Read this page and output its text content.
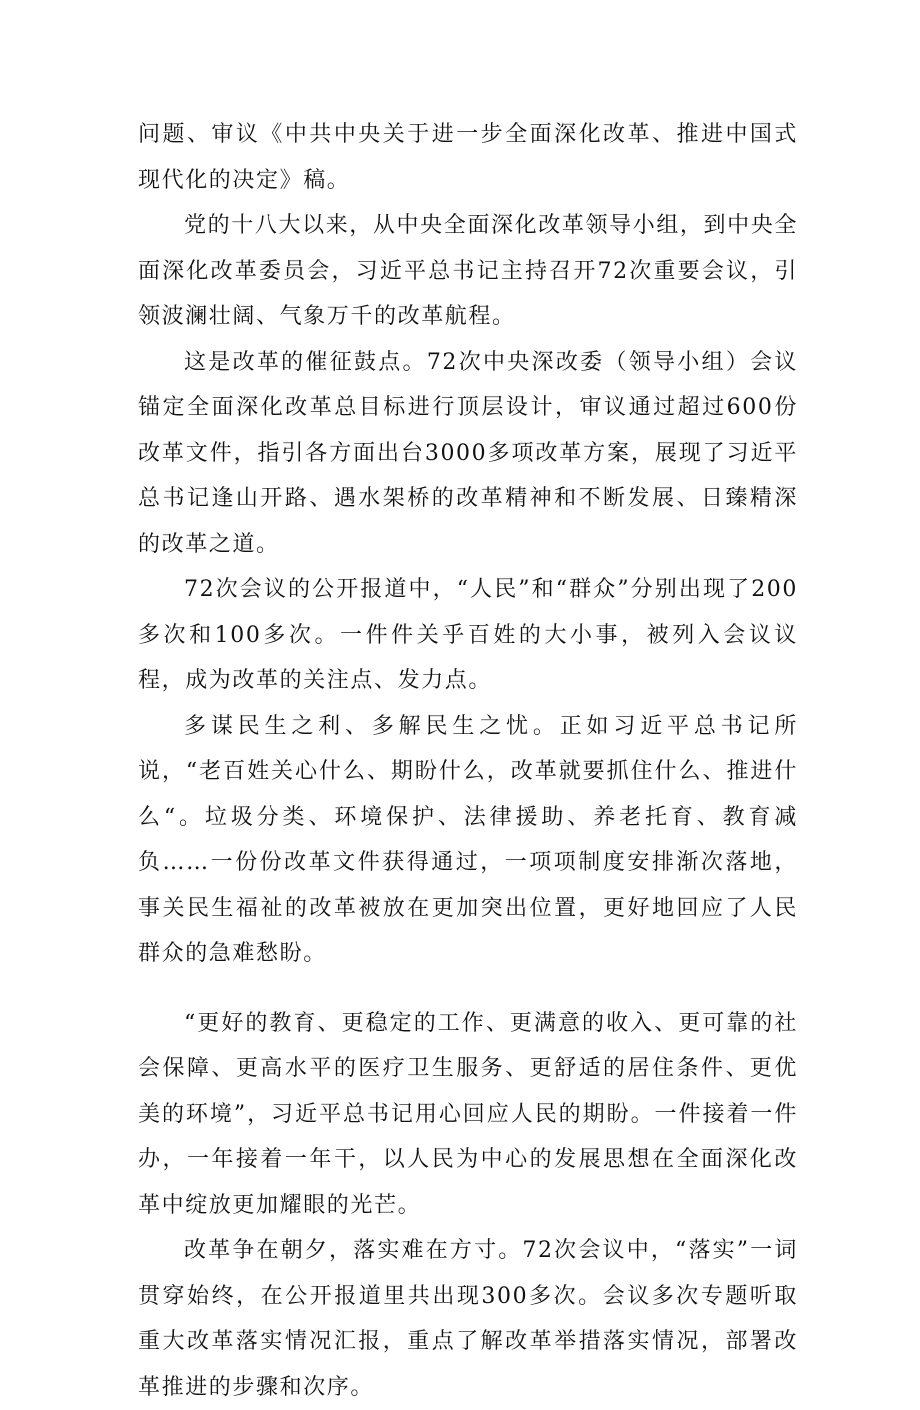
问题、审议《中共中央关于进一步全面深化改革、推进中国式现代化的决定》稿。

党的十八大以来，从中央全面深化改革领导小组，到中央全面深化改革委员会，习近平总书记主持召开72次重要会议，引领波澜壮阔、气象万千的改革航程。

这是改革的催征鼓点。72次中央深改委（领导小组）会议锚定全面深化改革总目标进行顶层设计，审议通过超过600份改革文件，指引各方面出台3000多项改革方案，展现了习近平总书记逢山开路、遇水架桥的改革精神和不断发展、日臻精深的改革之道。

72次会议的公开报道中，“人民”和“群众”分别出现了200多次和100多次。一件件关乎百姓的大小事，被列入会议议程，成为改革的关注点、发力点。

多谋民生之利、多解民生之忧。正如习近平总书记所说，“老百姓关心什么、期盼什么，改革就要抓住什么、推进什么“。垃圾分类、环境保护、法律援助、养老托育、教育减负……一份份改革文件获得通过，一项项制度安排渐次落地，事关民生福祉的改革被放在更加突出位置，更好地回应了人民群众的急难愁盼。

“更好的教育、更稳定的工作、更满意的收入、更可靠的社会保障、更高水平的医疗卫生服务、更舒适的居住条件、更优美的环境”，习近平总书记用心回应人民的期盼。一件接着一件办，一年接着一年干，以人民为中心的发展思想在全面深化改革中绽放更加耀眼的光芒。

改革争在朝夕，落实难在方寸。72次会议中，“落实”一词贯穿始终，在公开报道里共出现300多次。会议多次专题听取重大改革落实情况汇报，重点了解改革举措落实情况，部署改革推进的步骤和次序。
